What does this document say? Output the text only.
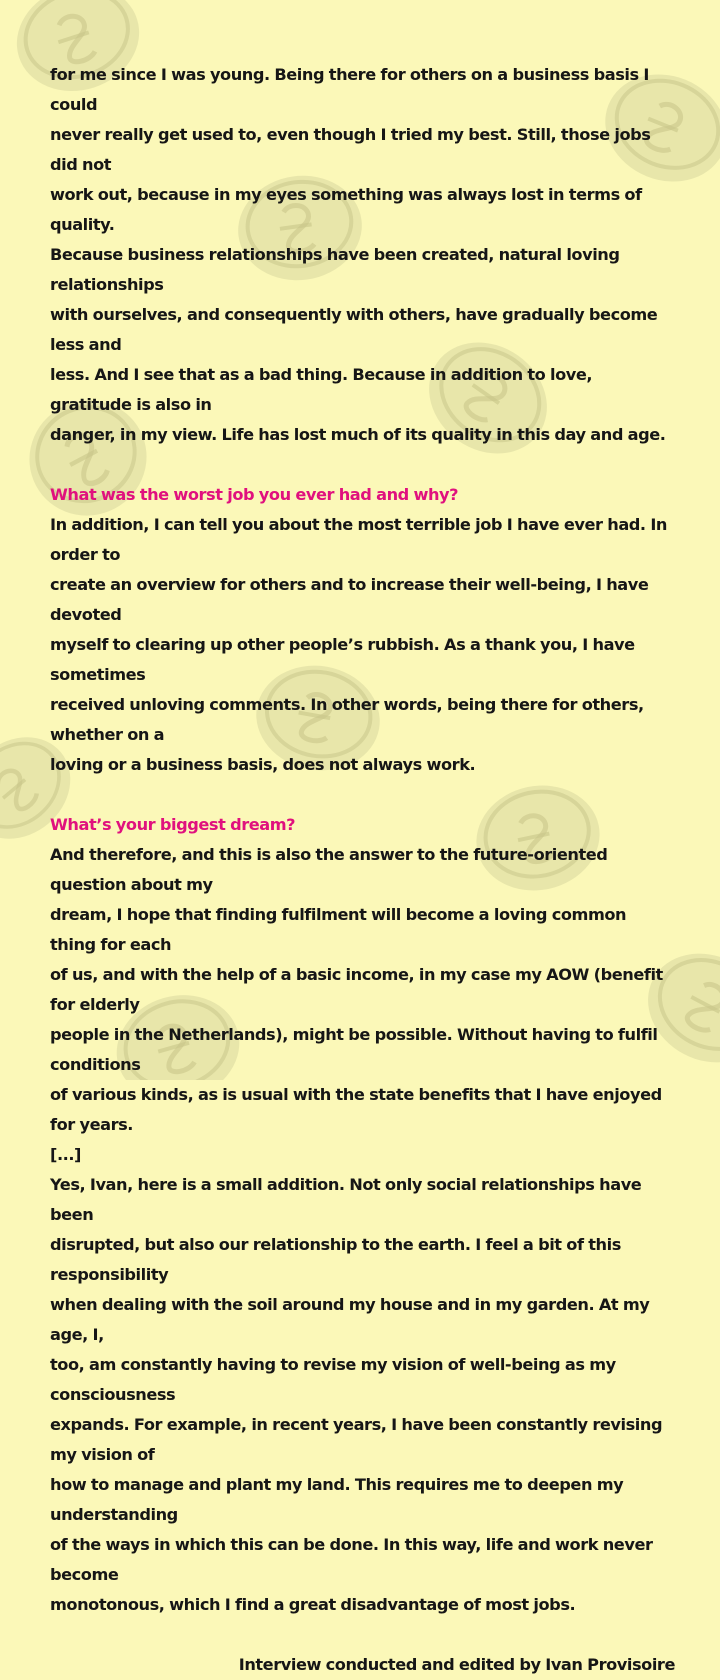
for me since I was young. Being there for others on a business basis I could

never really get used to, even though I tried my best. Still, those jobs did not

work out, because in my eyes something was always lost in terms of quality.

Because business relationships have been created, natural loving relationships

with ourselves, and consequently with others, have gradually become less and

less. And I see that as a bad thing. Because in addition to love, gratitude is also in

danger, in my view. Life has lost much of its quality in this day and age.

What was the worst job you ever had and why?

In addition, I can tell you about the most terrible job I have ever had. In order to

create an overview for others and to increase their well-being, I have devoted

myself to clearing up other people’s rubbish. As a thank you, I have sometimes

received unloving comments. In other words, being there for others, whether on a

loving or a business basis, does not always work.

What’s your biggest dream?

And therefore, and this is also the answer to the future-oriented question about my

dream, I hope that finding fulfilment will become a loving common thing for each

of us, and with the help of a basic income, in my case my AOW (benefit for elderly

people in the Netherlands), might be possible. Without having to fulfil conditions

of various kinds, as is usual with the state benefits that I have enjoyed for years.

[...]

Yes, Ivan, here is a small addition. Not only social relationships have been

disrupted, but also our relationship to the earth. I feel a bit of this responsibility

when dealing with the soil around my house and in my garden. At my age, I,

too, am constantly having to revise my vision of well-being as my consciousness

expands. For example, in recent years, I have been constantly revising my vision of

how to manage and plant my land. This requires me to deepen my understanding

of the ways in which this can be done. In this way, life and work never become

monotonous, which I find a great disadvantage of most jobs.

Interview conducted and edited by Ivan Provisoire
